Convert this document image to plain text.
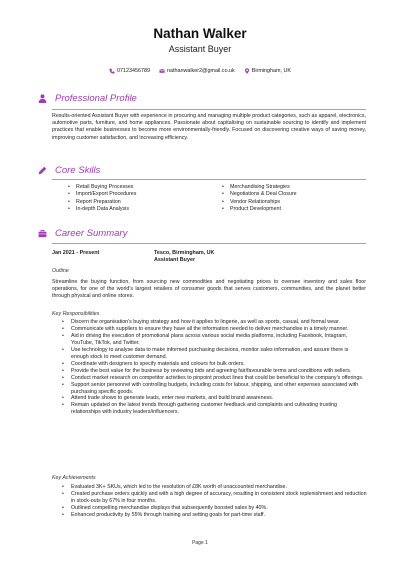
Nathan Walker
Assistant Buyer
07123456789	nathanwalker2@gmail.co.uk	Birmingham, UK
Professional Profile
Results-oriented Assistant Buyer with experience in procuring and managing multiple product categories, such as apparel, electronics, automotive parts, furniture, and home appliances. Passionate about capitalising on sustainable sourcing to identify and implement practices that enable businesses to become more environmentally-friendly. Focused on discovering creative ways of saving money, improving customer satisfaction, and increasing efficiency.
Core Skills
• Retail Buying Processes	• Merchandising Strategies
• Import/Export Procedures	• Negotiations & Deal Closure
• Report Preparation	• Vendor Relationships
• In-depth Data Analysis	• Product Development
Career Summary
Jan 2021 - Present	Tesco, Birmingham, UK
Assistant Buyer
Outline
Streamline the buying function, from sourcing new commodities and negotiating prices to oversee inventory and sales floor operations, for one of the world's largest retailers of consumer goods that serves customers, communities, and the planet better through physical and online stores.
Key Responsibilities
• Discern the organisation's buying strategy and how it applies to lingerie, as well as sports, casual, and formal wear.
• Communicate with suppliers to ensure they have all the information needed to deliver merchandise in a timely manner.
• Aid in driving the execution of promotional plans across various social media platforms, including Facebook, Intagram, YouTube, TikTok, and Twitter.
• Use technology to analyse data to make informed purchasing decisions, monitor sales information, and assure there is enough stock to meet customer demand.
• Coordinate with designers to specify materials and colours for bulk orders.
• Provide the best value for the business by reviewing bids and agreeing fair/favourable terms and conditions with sellers.
• Conduct market research on competitor activities to pinpoint product lines that could be beneficial to the company's offerings.
• Support senior personnel with controlling budgets, including costs for labour, shipping, and other expenses associated with purchasing specific goods.
• Attend trade shows to generate leads, enter new markets, and build brand awareness.
• Remain updated on the latest trends through gathering customer feedback and complaints and cultivating trusting relationships with industry leaders/influencers.
Key Achievements
• Evaluated 3K+ SKUs, which led to the resolution of £8K worth of unaccounted merchandise.
• Created purchase orders quickly and with a high degree of accuracy, resulting in consistent stock replenishment and reduction in stock-outs by 67% in four months.
• Outlined compelling merchandise displays that subsequently boosted sales by 40%.
• Enhanced productivity by 55% through training and setting goals for part-time staff.
Page 1
